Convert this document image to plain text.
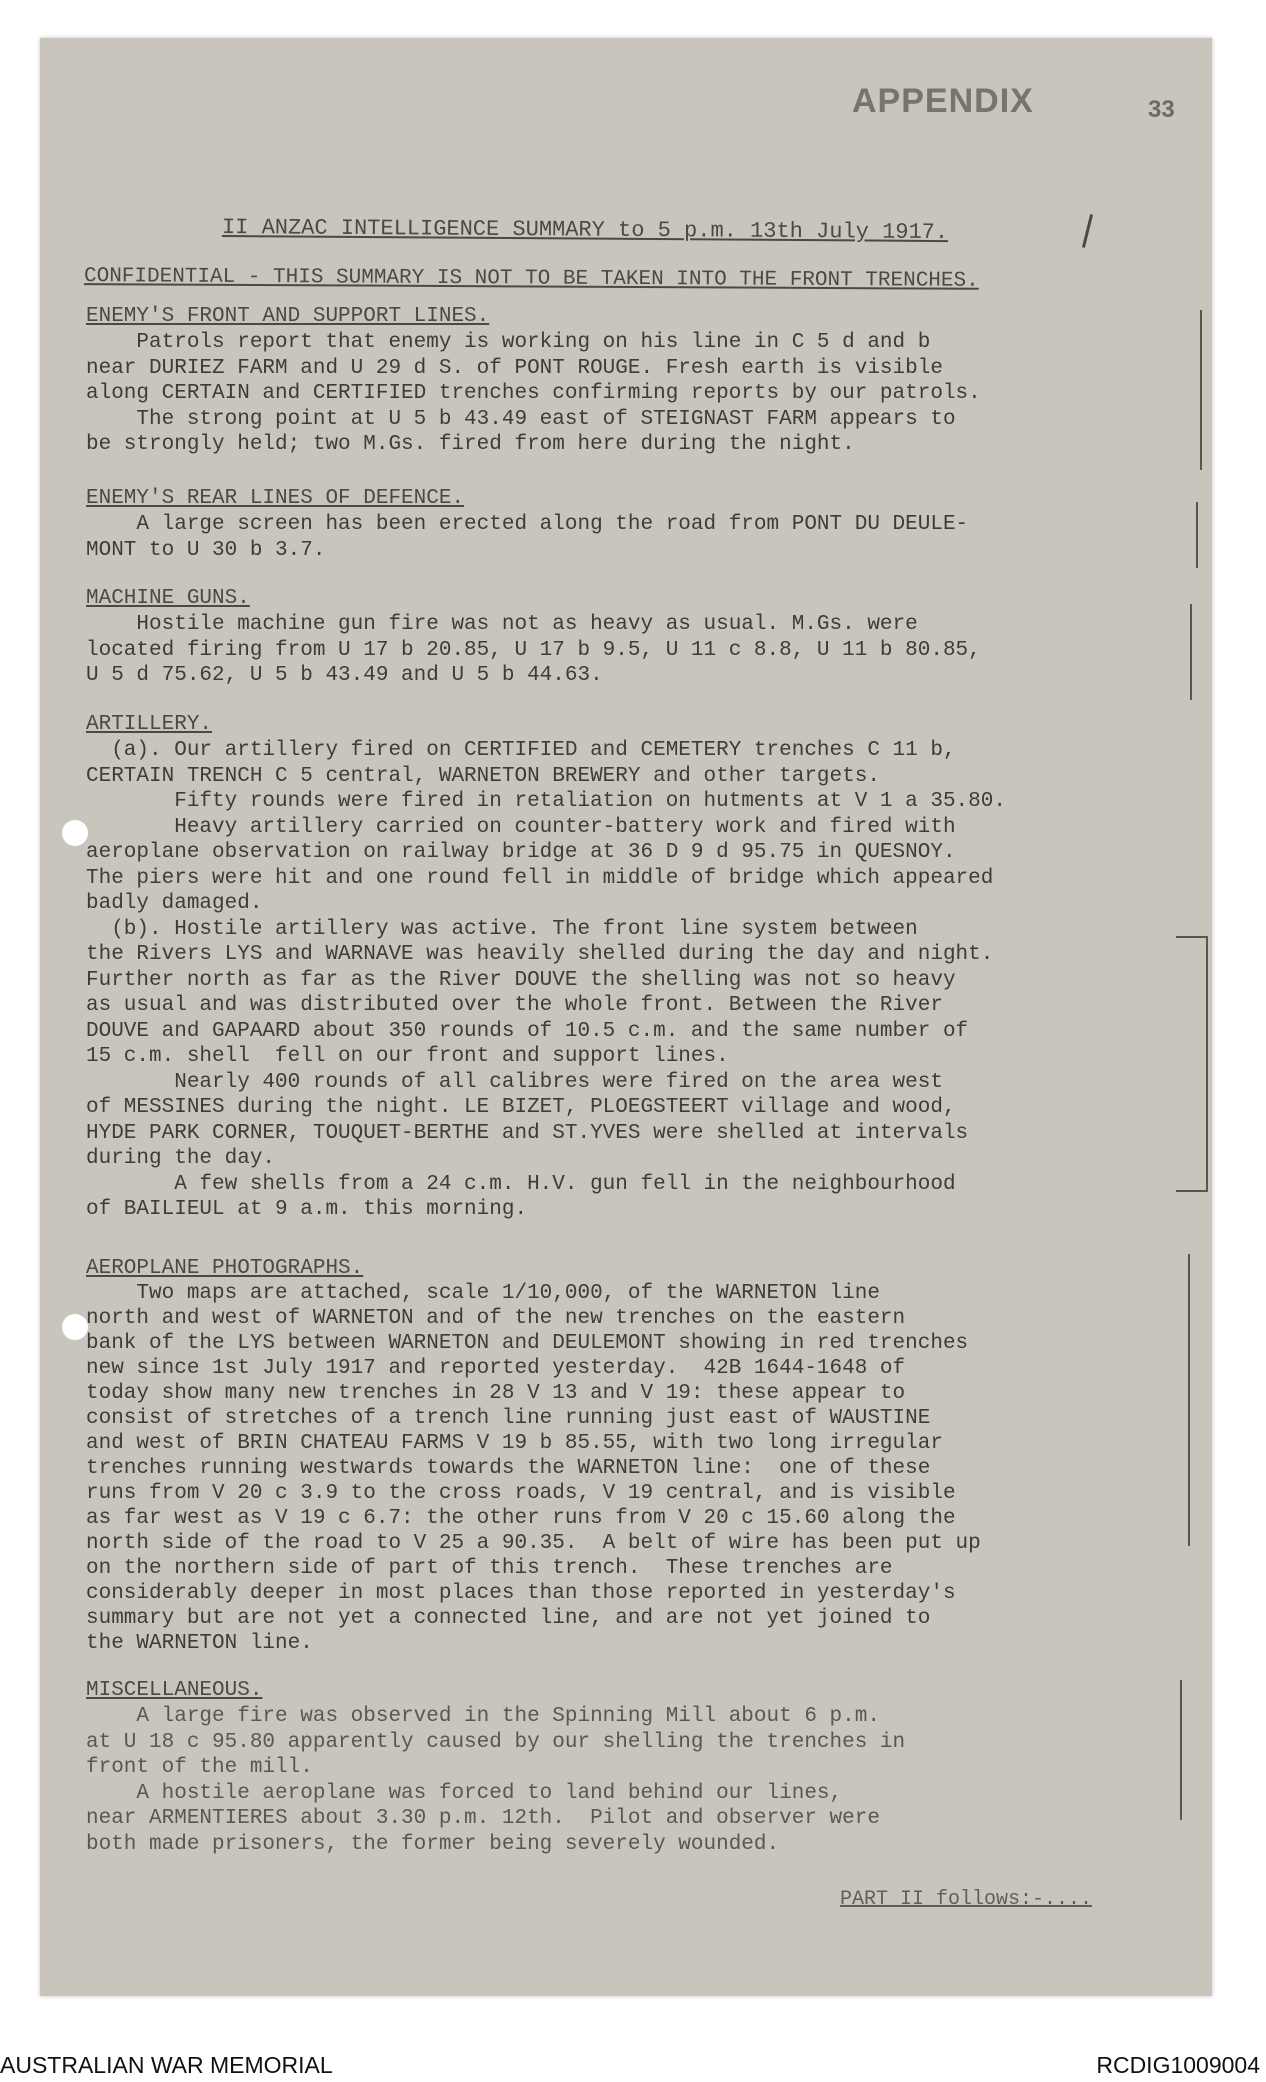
APPENDIX	33
II ANZAC INTELLIGENCE SUMMARY to 5 p.m. 13th July 1917.
CONFIDENTIAL - THIS SUMMARY IS NOT TO BE TAKEN INTO THE FRONT TRENCHES.
ENEMY'S FRONT AND SUPPORT LINES.
Patrols report that enemy is working on his line in C 5 d and b
near DURIEZ FARM and U 29 d S. of PONT ROUGE. Fresh earth is visible
along CERTAIN and CERTIFIED trenches confirming reports by our patrols.
The strong point at U 5 b 43.49 east of STEIGNAST FARM appears to
be strongly held; two M.Gs. fired from here during the night.
ENEMY'S REAR LINES OF DEFENCE.
A large screen has been erected along the road from PONT DU DEULE-
MONT to U 30 b 3.7.
MACHINE GUNS.
Hostile machine gun fire was not as heavy as usual. M.Gs. were
located firing from U 17 b 20.85, U 17 b 9.5, U 11 c 8.8, U 11 b 80.85,
U 5 d 75.62, U 5 b 43.49 and U 5 b 44.63.
ARTILLERY.
(a). Our artillery fired on CERTIFIED and CEMETERY trenches C 11 b,
CERTAIN TRENCH C 5 central, WARNETON BREWERY and other targets.
Fifty rounds were fired in retaliation on hutments at V 1 a 35.80.
Heavy artillery carried on counter-battery work and fired with
aeroplane observation on railway bridge at 36 D 9 d 95.75 in QUESNOY.
The piers were hit and one round fell in middle of bridge which appeared
badly damaged.
(b). Hostile artillery was active. The front line system between
the Rivers LYS and WARNAVE was heavily shelled during the day and night.
Further north as far as the River DOUVE the shelling was not so heavy
as usual and was distributed over the whole front. Between the River
DOUVE and GAPAARD about 350 rounds of 10.5 c.m. and the same number of
15 c.m. shell  fell on our front and support lines.
Nearly 400 rounds of all calibres were fired on the area west
of MESSINES during the night. LE BIZET, PLOEGSTEERT village and wood,
HYDE PARK CORNER, TOUQUET-BERTHE and ST.YVES were shelled at intervals
during the day.
A few shells from a 24 c.m. H.V. gun fell in the neighbourhood
of BAILIEUL at 9 a.m. this morning.
AEROPLANE PHOTOGRAPHS.
Two maps are attached, scale 1/10,000, of the WARNETON line
north and west of WARNETON and of the new trenches on the eastern
bank of the LYS between WARNETON and DEULEMONT showing in red trenches
new since 1st July 1917 and reported yesterday.  42B 1644-1648 of
today show many new trenches in 28 V 13 and V 19: these appear to
consist of stretches of a trench line running just east of WAUSTINE
and west of BRIN CHATEAU FARMS V 19 b 85.55, with two long irregular
trenches running westwards towards the WARNETON line:  one of these
runs from V 20 c 3.9 to the cross roads, V 19 central, and is visible
as far west as V 19 c 6.7: the other runs from V 20 c 15.60 along the
north side of the road to V 25 a 90.35.  A belt of wire has been put up
on the northern side of part of this trench.  These trenches are
considerably deeper in most places than those reported in yesterday's
summary but are not yet a connected line, and are not yet joined to
the WARNETON line.
MISCELLANEOUS.
A large fire was observed in the Spinning Mill about 6 p.m.
at U 18 c 95.80 apparently caused by our shelling the trenches in
front of the mill.
A hostile aeroplane was forced to land behind our lines,
near ARMENTIERES about 3.30 p.m. 12th.  Pilot and observer were
both made prisoners, the former being severely wounded.
PART II follows:-....
AUSTRALIAN WAR MEMORIAL	RCDIG1009004
